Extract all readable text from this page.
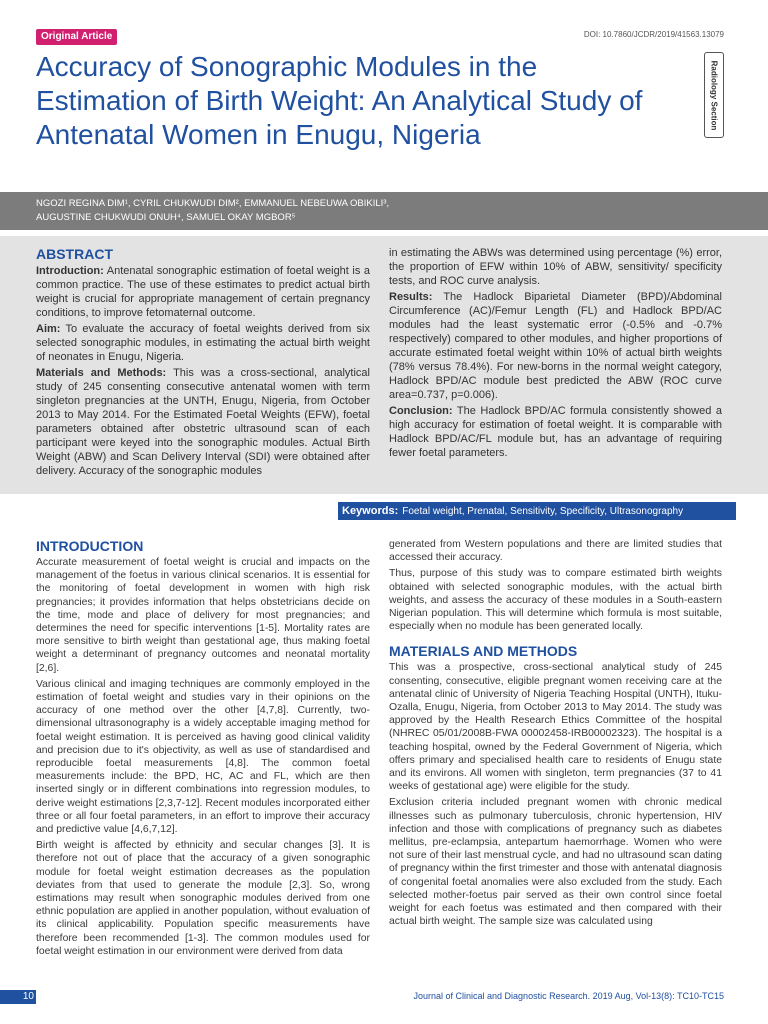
Original Article	DOI: 10.7860/JCDR/2019/41563.13079
Radiology Section
Accuracy of Sonographic Modules in the Estimation of Birth Weight: An Analytical Study of Antenatal Women in Enugu, Nigeria

NGOZI REGINA DIM¹, CYRIL CHUKWUDI DIM², EMMANUEL NEBEUWA OBIKILI³, AUGUSTINE CHUKWUDI ONUH⁴, SAMUEL OKAY MGBOR⁵

ABSTRACT

Introduction: Antenatal sonographic estimation of foetal weight is a common practice. The use of these estimates to predict actual birth weight is crucial for appropriate management of certain pregnancy conditions, to improve fetomaternal outcome.

Aim: To evaluate the accuracy of foetal weights derived from six selected sonographic modules, in estimating the actual birth weight of neonates in Enugu, Nigeria.

Materials and Methods: This was a cross-sectional, analytical study of 245 consenting consecutive antenatal women with term singleton pregnancies at the UNTH, Enugu, Nigeria, from October 2013 to May 2014. For the Estimated Foetal Weights (EFW), foetal parameters obtained after obstetric ultrasound scan of each participant were keyed into the sonographic modules. Actual Birth Weight (ABW) and Scan Delivery Interval (SDI) were obtained after delivery. Accuracy of the sonographic modules

in estimating the ABWs was determined using percentage (%) error, the proportion of EFW within 10% of ABW, sensitivity/ specificity tests, and ROC curve analysis.

Results: The Hadlock Biparietal Diameter (BPD)/Abdominal Circumference (AC)/Femur Length (FL) and Hadlock BPD/AC modules had the least systematic error (-0.5% and -0.7% respectively) compared to other modules, and higher proportions of accurate estimated foetal weight within 10% of actual birth weights (78% versus 78.4%). For new-borns in the normal weight category, Hadlock BPD/AC module best predicted the ABW (ROC curve area=0.737, p=0.006).

Conclusion: The Hadlock BPD/AC formula consistently showed a high accuracy for estimation of foetal weight. It is comparable with Hadlock BPD/AC/FL module but, has an advantage of requiring fewer foetal parameters.

Keywords: Foetal weight, Prenatal, Sensitivity, Specificity, Ultrasonography
INTRODUCTION

Accurate measurement of foetal weight is crucial and impacts on the management of the foetus in various clinical scenarios. It is essential for the monitoring of foetal development in women with high risk pregnancies; it provides information that helps obstetricians decide on the time, mode and place of delivery for most pregnancies; and determines the need for specific interventions [1-5]. Mortality rates are more sensitive to birth weight than gestational age, thus making foetal weight a determinant of pregnancy outcomes and neonatal mortality [2,6].

Various clinical and imaging techniques are commonly employed in the estimation of foetal weight and studies vary in their opinions on the accuracy of one method over the other [4,7,8]. Currently, two-dimensional ultrasonography is a widely acceptable imaging method for foetal weight estimation. It is perceived as having good clinical validity and precision due to it's objectivity, as well as use of standardised and reproducible foetal measurements [4,8]. The common foetal measurements include: the BPD, HC, AC and FL, which are then inserted singly or in different combinations into regression modules, to derive weight estimations [2,3,7-12]. Recent modules incorporated either three or all four foetal parameters, in an effort to improve their accuracy and predictive value [4,6,7,12].

Birth weight is affected by ethnicity and secular changes [3]. It is therefore not out of place that the accuracy of a given sonographic module for foetal weight estimation decreases as the population deviates from that used to generate the module [2,3]. So, wrong estimations may result when sonographic modules derived from one ethnic population are applied in another population, without evaluation of its clinical applicability. Population specific measurements have therefore been recommended [1-3]. The common modules used for foetal weight estimation in our environment were derived from data

generated from Western populations and there are limited studies that accessed their accuracy.

Thus, purpose of this study was to compare estimated birth weights obtained with selected sonographic modules, with the actual birth weights, and assess the accuracy of these modules in a South-eastern Nigerian population. This will determine which formula is most suitable, especially when no module has been generated locally.

MATERIALS AND METHODS

This was a prospective, cross-sectional analytical study of 245 consenting, consecutive, eligible pregnant women receiving care at the antenatal clinic of University of Nigeria Teaching Hospital (UNTH), Ituku-Ozalla, Enugu, Nigeria, from October 2013 to May 2014. The study was approved by the Health Research Ethics Committee of the hospital (NHREC 05/01/2008B-FWA 00002458-IRB00002323). The hospital is a teaching hospital, owned by the Federal Government of Nigeria, which offers primary and specialised health care to residents of Enugu state and its environs. All women with singleton, term pregnancies (37 to 41 weeks of gestational age) were eligible for the study.

Exclusion criteria included pregnant women with chronic medical illnesses such as pulmonary tuberculosis, chronic hypertension, HIV infection and those with complications of pregnancy such as diabetes mellitus, pre-eclampsia, antepartum haemorrhage. Women who were not sure of their last menstrual cycle, and had no ultrasound scan dating of pregnancy within the first trimester and those with antenatal diagnosis of congenital foetal anomalies were also excluded from the study. Each selected mother-foetus pair served as their own control since foetal weight for each foetus was estimated and then compared with their actual birth weight. The sample size was calculated using

10	Journal of Clinical and Diagnostic Research. 2019 Aug, Vol-13(8): TC10-TC15
